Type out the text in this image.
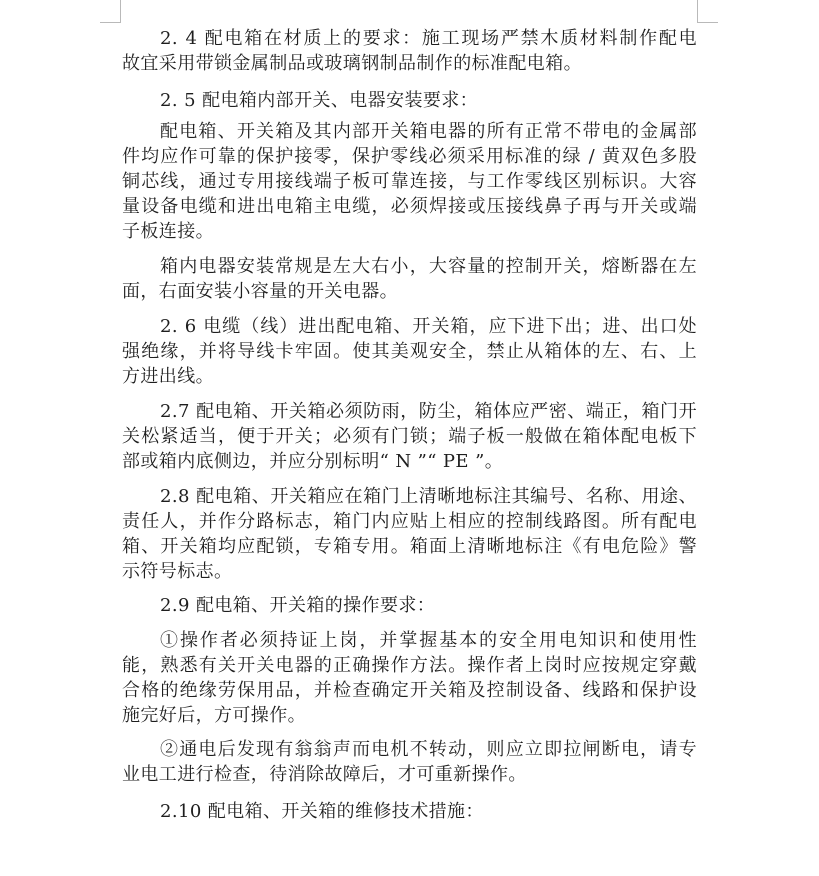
2. 4 配电箱在材质上的要求：施工现场严禁木质材料制作配电
故宜采用带锁金属制品或玻璃钢制品制作的标准配电箱。
2. 5 配电箱内部开关、电器安装要求：
配电箱、开关箱及其内部开关箱电器的所有正常不带电的金属部
件均应作可靠的保护接零，保护零线必须采用标准的绿 / 黄双色多股
铜芯线，通过专用接线端子板可靠连接，与工作零线区别标识。大容
量设备电缆和进出电箱主电缆，必须焊接或压接线鼻子再与开关或端
子板连接。
箱内电器安装常规是左大右小，大容量的控制开关，熔断器在左
面，右面安装小容量的开关电器。
2. 6 电缆（线）进出配电箱、开关箱，应下进下出；进、出口处
强绝缘，并将导线卡牢固。使其美观安全，禁止从箱体的左、右、上
方进出线。
2.7 配电箱、开关箱必须防雨，防尘，箱体应严密、端正，箱门开
关松紧适当，便于开关；必须有门锁；端子板一般做在箱体配电板下
部或箱内底侧边，并应分别标明“ N ”“ PE ”。
2.8 配电箱、开关箱应在箱门上清晰地标注其编号、名称、用途、
责任人，并作分路标志，箱门内应贴上相应的控制线路图。所有配电
箱、开关箱均应配锁，专箱专用。箱面上清晰地标注《有电危险》警
示符号标志。
2.9 配电箱、开关箱的操作要求：
①操作者必须持证上岗，并掌握基本的安全用电知识和使用性
能，熟悉有关开关电器的正确操作方法。操作者上岗时应按规定穿戴
合格的绝缘劳保用品，并检查确定开关箱及控制设备、线路和保护设
施完好后，方可操作。
②通电后发现有翁翁声而电机不转动，则应立即拉闸断电，请专
业电工进行检查，待消除故障后，才可重新操作。
2.10 配电箱、开关箱的维修技术措施：
